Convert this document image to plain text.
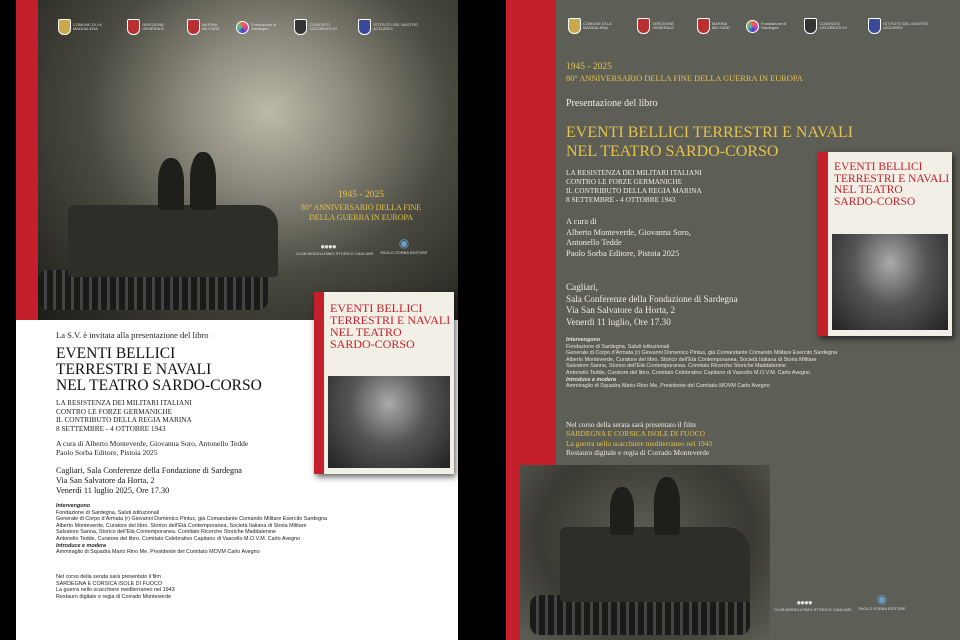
COMUNE DI LA MADDALENA
DIREZIONE GENERALE
MARINA MILITARE
Fondazione di Sardegna
COMITATO CELEBRATIVO
ISTITUTO DEL NASTRO AZZURRO
1945 - 2025
80° ANNIVERSARIO DELLA FINE
DELLA GUERRA IN EUROPA
●●●●
CLUB MODELLISMO STORICO CAGLIARI
◉
PAOLO SORBA EDITORE
EVENTI BELLICI
TERRESTRI E NAVALI
NEL TEATRO
SARDO-CORSO
La S.V. è invitata alla presentazione del libro
EVENTI BELLICI
TERRESTRI E NAVALI
NEL TEATRO SARDO-CORSO
LA RESISTENZA DEI MILITARI ITALIANI
CONTRO LE FORZE GERMANICHE
IL CONTRIBUTO DELLA REGIA MARINA
8 SETTEMBRE - 4 OTTOBRE 1943
A cura di Alberto Monteverde, Giovanna Soro, Antonello Tedde
Paolo Sorba Editore, Pistoia 2025
Cagliari, Sala Conferenze della Fondazione di Sardegna
Via San Salvatore da Horta, 2
Venerdì 11 luglio 2025, Ore 17.30
Intervengono
Fondazione di Sardegna, Saluti istituzionali
Generale di Corpo d’Armata (r) Giovanni Domenico Pintus, già Comandante Comando Militare Esercito Sardegna
Alberto Monteverde, Curatore del libro. Storico dell’Età Contemporanea, Società Italiana di Storia Militare
Salvatore Sanna, Storico dell’Età Contemporanea. Comitato Ricerche Storiche Maddalenine
Antonello Tedde, Curatore del libro. Comitato Celebrativo Capitano di Vascello M.O.V.M. Carlo Avegno
Introduce e modera
Ammiraglio di Squadra Mario Rino Me, Presidente del Comitato MOVM Carlo Avegno
Nel corso della serata sarà presentato il film
SARDEGNA E CORSICA ISOLE DI FUOCO
La guerra nello scacchiere mediterraneo nel 1943
Restauro digitale e regia di Corrado Monteverde
COMUNE DI LA MADDALENA
DIREZIONE GENERALE
MARINA MILITARE
Fondazione di Sardegna
COMITATO CELEBRATIVO
ISTITUTO DEL NASTRO AZZURRO
1945 - 2025
80° ANNIVERSARIO DELLA FINE DELLA GUERRA IN EUROPA
Presentazione del libro
EVENTI BELLICI TERRESTRI E NAVALI
NEL TEATRO SARDO-CORSO
LA RESISTENZA DEI MILITARI ITALIANI
CONTRO LE FORZE GERMANICHE
IL CONTRIBUTO DELLA REGIA MARINA
8 SETTEMBRE - 4 OTTOBRE 1943
A cura di
Alberto Monteverde, Giovanna Soro,
Antonello Tedde
Paolo Sorba Editore, Pistoia 2025
Cagliari,
Sala Conferenze della Fondazione di Sardegna
Via San Salvatore da Horta, 2
Venerdì 11 luglio, Ore 17.30
Intervengono
Fondazione di Sardegna, Saluti istituzionali
Generale di Corpo d’Armata (r) Giovanni Domenico Pintus, già Comandante Comando Militare Esercito Sardegna
Alberto Monteverde, Curatore del libro. Storico dell’Età Contemporanea, Società Italiana di Storia Militare
Salvatore Sanna, Storico dell’Età Contemporanea. Comitato Ricerche Storiche Maddalenine
Antonello Tedde, Curatore del libro. Comitato Celebrativo Capitano di Vascello M.O.V.M. Carlo Avegno
Introduce e modera
Ammiraglio di Squadra Mario Rino Me, Presidente del Comitato MOVM Carlo Avegno
Nel corso della serata sarà presentato il film
SARDEGNA E CORSICA ISOLE DI FUOCO
La guerra nello scacchiere mediterraneo nel 1943
Restauro digitale e regia di Corrado Monteverde
EVENTI BELLICI
TERRESTRI E NAVALI
NEL TEATRO
SARDO-CORSO
●●●●
CLUB MODELLISMO STORICO CAGLIARI
◉
PAOLO SORBA EDITORE
